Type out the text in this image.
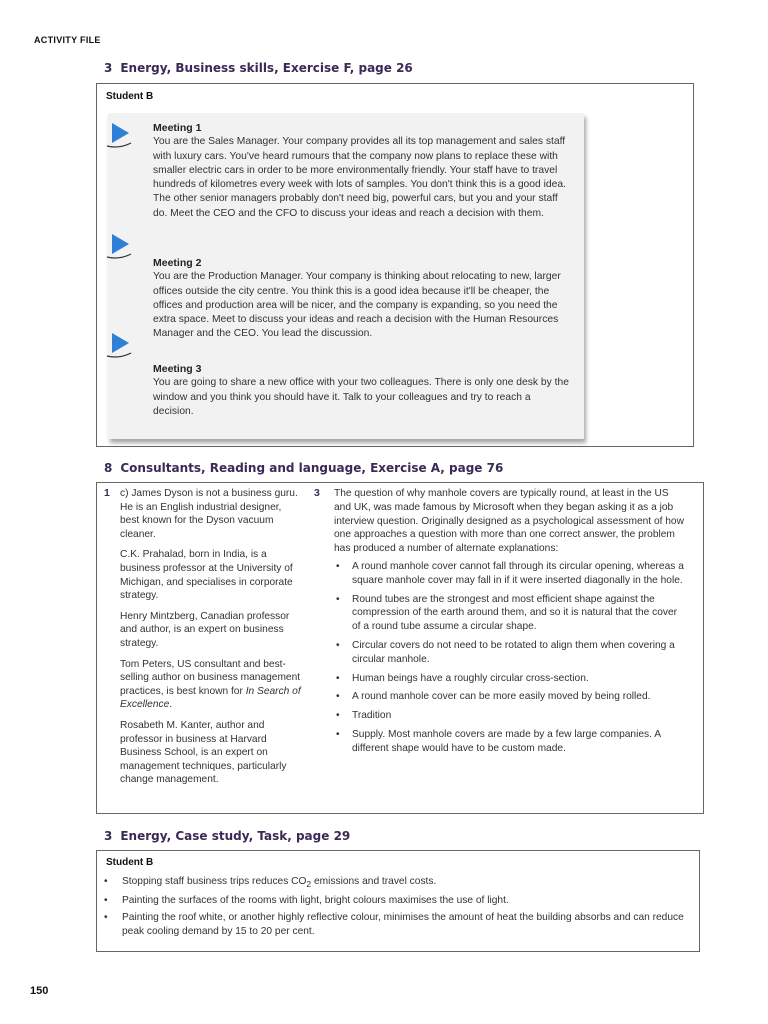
ACTIVITY FILE
3 Energy, Business skills, Exercise F, page 26
Student B
Meeting 1

You are the Sales Manager. Your company provides all its top management and sales staff with luxury cars. You've heard rumours that the company now plans to replace these with smaller electric cars in order to be more environmentally friendly. Your staff have to travel hundreds of kilometres every week with lots of samples. You don't think this is a good idea. The other senior managers probably don't need big, powerful cars, but you and your staff do. Meet the CEO and the CFO to discuss your ideas and reach a decision with them.

Meeting 2

You are the Production Manager. Your company is thinking about relocating to new, larger offices outside the city centre. You think this is a good idea because it'll be cheaper, the offices and production area will be nicer, and the company is expanding, so you need the extra space. Meet to discuss your ideas and reach a decision with the Human Resources Manager and the CEO. You lead the discussion.

Meeting 3

You are going to share a new office with your two colleagues. There is only one desk by the window and you think you should have it. Talk to your colleagues and try to reach a decision.

8 Consultants, Reading and language, Exercise A, page 76
1 c) James Dyson is not a business guru. He is an English industrial designer, best known for the Dyson vacuum cleaner.

C.K. Prahalad, born in India, is a business professor at the University of Michigan, and specialises in corporate strategy.

Henry Mintzberg, Canadian professor and author, is an expert on business strategy.

Tom Peters, US consultant and best-selling author on business management practices, is best known for In Search of Excellence.

Rosabeth M. Kanter, author and professor in business at Harvard Business School, is an expert on management techniques, particularly change management.

3 The question of why manhole covers are typically round, at least in the US and UK, was made famous by Microsoft when they began asking it as a job interview question. Originally designed as a psychological assessment of how one approaches a question with more than one correct answer, the problem has produced a number of alternate explanations:

• A round manhole cover cannot fall through its circular opening, whereas a square manhole cover may fall in if it were inserted diagonally in the hole.
• Round tubes are the strongest and most efficient shape against the compression of the earth around them, and so it is natural that the cover of a round tube assume a circular shape.
• Circular covers do not need to be rotated to align them when covering a circular manhole.
• Human beings have a roughly circular cross-section.
• A round manhole cover can be more easily moved by being rolled.
• Tradition
• Supply. Most manhole covers are made by a few large companies. A different shape would have to be custom made.
3 Energy, Case study, Task, page 29
Student B
• Stopping staff business trips reduces $CO_2$ emissions and travel costs.
• Painting the surfaces of the rooms with light, bright colours maximises the use of light.
• Painting the roof white, or another highly reflective colour, minimises the amount of heat the building absorbs and can reduce peak cooling demand by 15 to 20 per cent.
150
